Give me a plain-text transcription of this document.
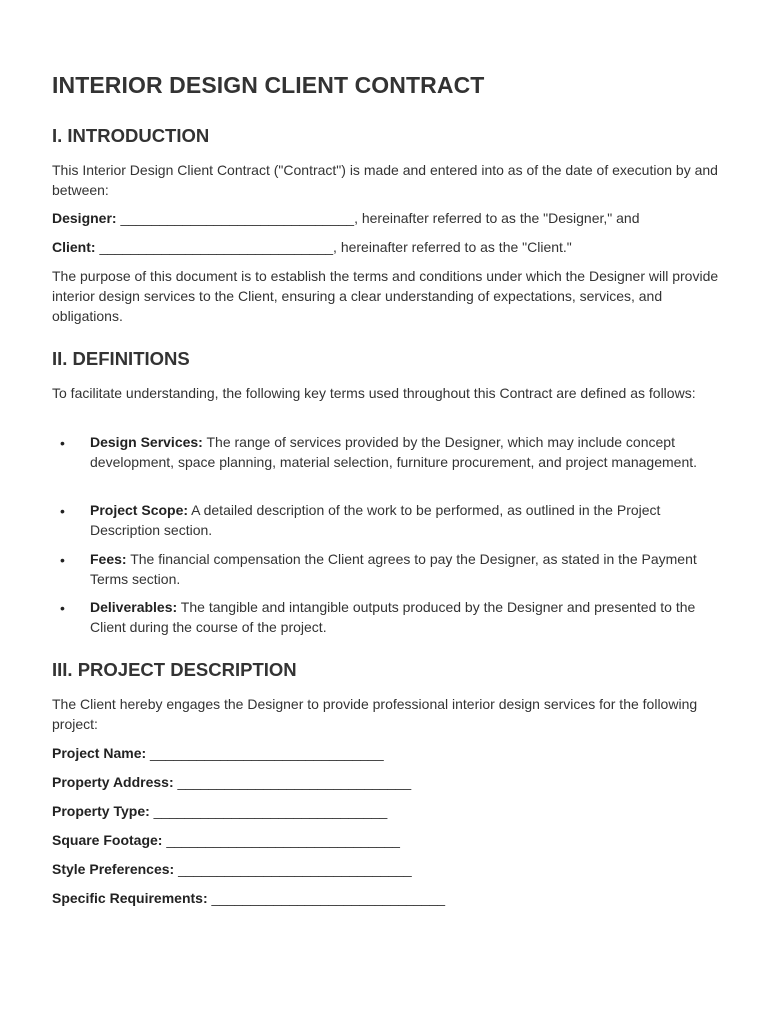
INTERIOR DESIGN CLIENT CONTRACT
I. INTRODUCTION

This Interior Design Client Contract ("Contract") is made and entered into as of the date of execution by and between:

Designer: ______________________________, hereinafter referred to as the "Designer," and

Client: ______________________________, hereinafter referred to as the "Client."

The purpose of this document is to establish the terms and conditions under which the Designer will provide interior design services to the Client, ensuring a clear understanding of expectations, services, and obligations.

II. DEFINITIONS

To facilitate understanding, the following key terms used throughout this Contract are defined as follows:

• Design Services: The range of services provided by the Designer, which may include concept development, space planning, material selection, furniture procurement, and project management.

• Project Scope: A detailed description of the work to be performed, as outlined in the Project Description section.

• Fees: The financial compensation the Client agrees to pay the Designer, as stated in the Payment Terms section.

• Deliverables: The tangible and intangible outputs produced by the Designer and presented to the Client during the course of the project.

III. PROJECT DESCRIPTION

The Client hereby engages the Designer to provide professional interior design services for the following project:

Project Name: ______________________________

Property Address: ______________________________

Property Type: ______________________________

Square Footage: ______________________________

Style Preferences: ______________________________

Specific Requirements: ______________________________
